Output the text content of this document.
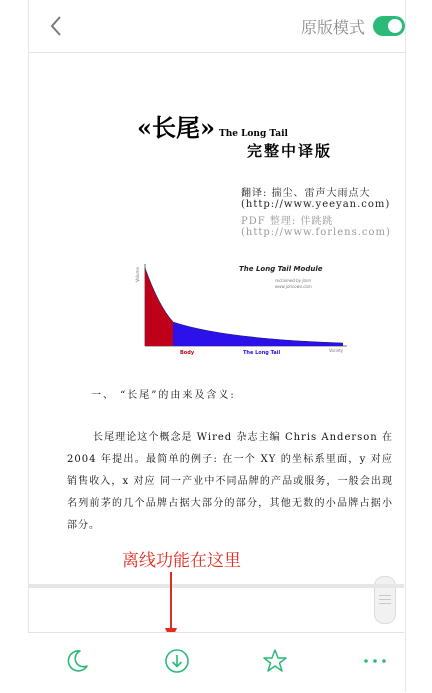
原版模式
«长尾» The Long Tail
完整中译版
翻译: 揣尘、雷声大雨点大
(http://www.yeeyan.com)
PDF 整理: 伴跳跳
(http://www.forlens.com)
The Long Tail Module
reclaimed by Jonn
www.joncows.com
Volume
Variety
Body	The Long Tail
一、 “长尾”的由来及含义:
长尾理论这个概念是 Wired 杂志主编 Chris Anderson 在 2004 年提出。最简单的例子: 在一个 XY 的坐标系里面，y 对应销售收入，x 对应 同一产业中不同品牌的产品或服务，一般会出现名列前茅的几个品牌占据大部分的部分，其他无数的小品牌占据小部分。
离线功能在这里
